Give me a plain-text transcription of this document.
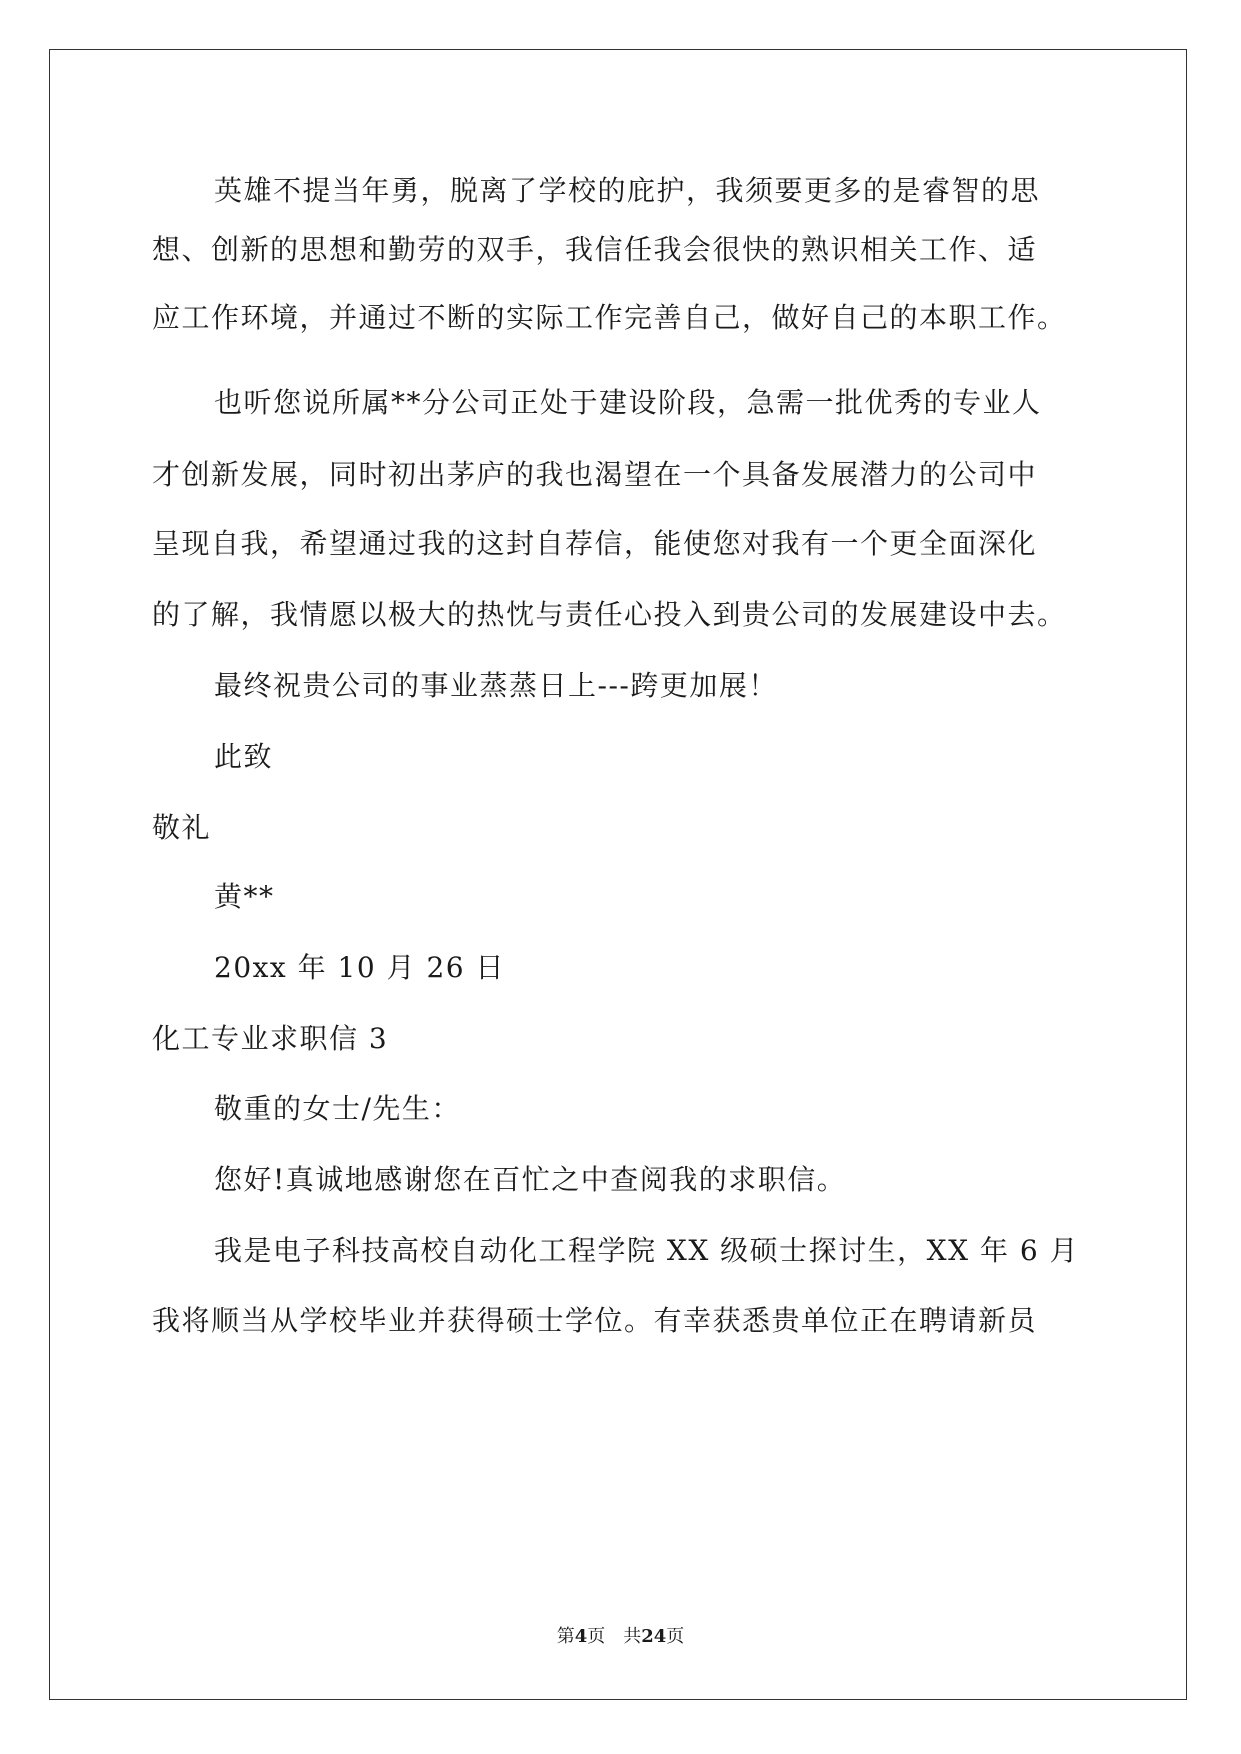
英雄不提当年勇，脱离了学校的庇护，我须要更多的是睿智的思
想、创新的思想和勤劳的双手，我信任我会很快的熟识相关工作、适
应工作环境，并通过不断的实际工作完善自己，做好自己的本职工作。
也听您说所属**分公司正处于建设阶段，急需一批优秀的专业人
才创新发展，同时初出茅庐的我也渴望在一个具备发展潜力的公司中
呈现自我，希望通过我的这封自荐信，能使您对我有一个更全面深化
的了解，我情愿以极大的热忱与责任心投入到贵公司的发展建设中去。
最终祝贵公司的事业蒸蒸日上---跨更加展！
此致
敬礼
黄**
20xx 年 10 月 26 日
化工专业求职信 3
敬重的女士/先生：
您好!真诚地感谢您在百忙之中查阅我的求职信。
我是电子科技高校自动化工程学院 XX 级硕士探讨生，XX 年 6 月
我将顺当从学校毕业并获得硕士学位。有幸获悉贵单位正在聘请新员
第4页　共24页
